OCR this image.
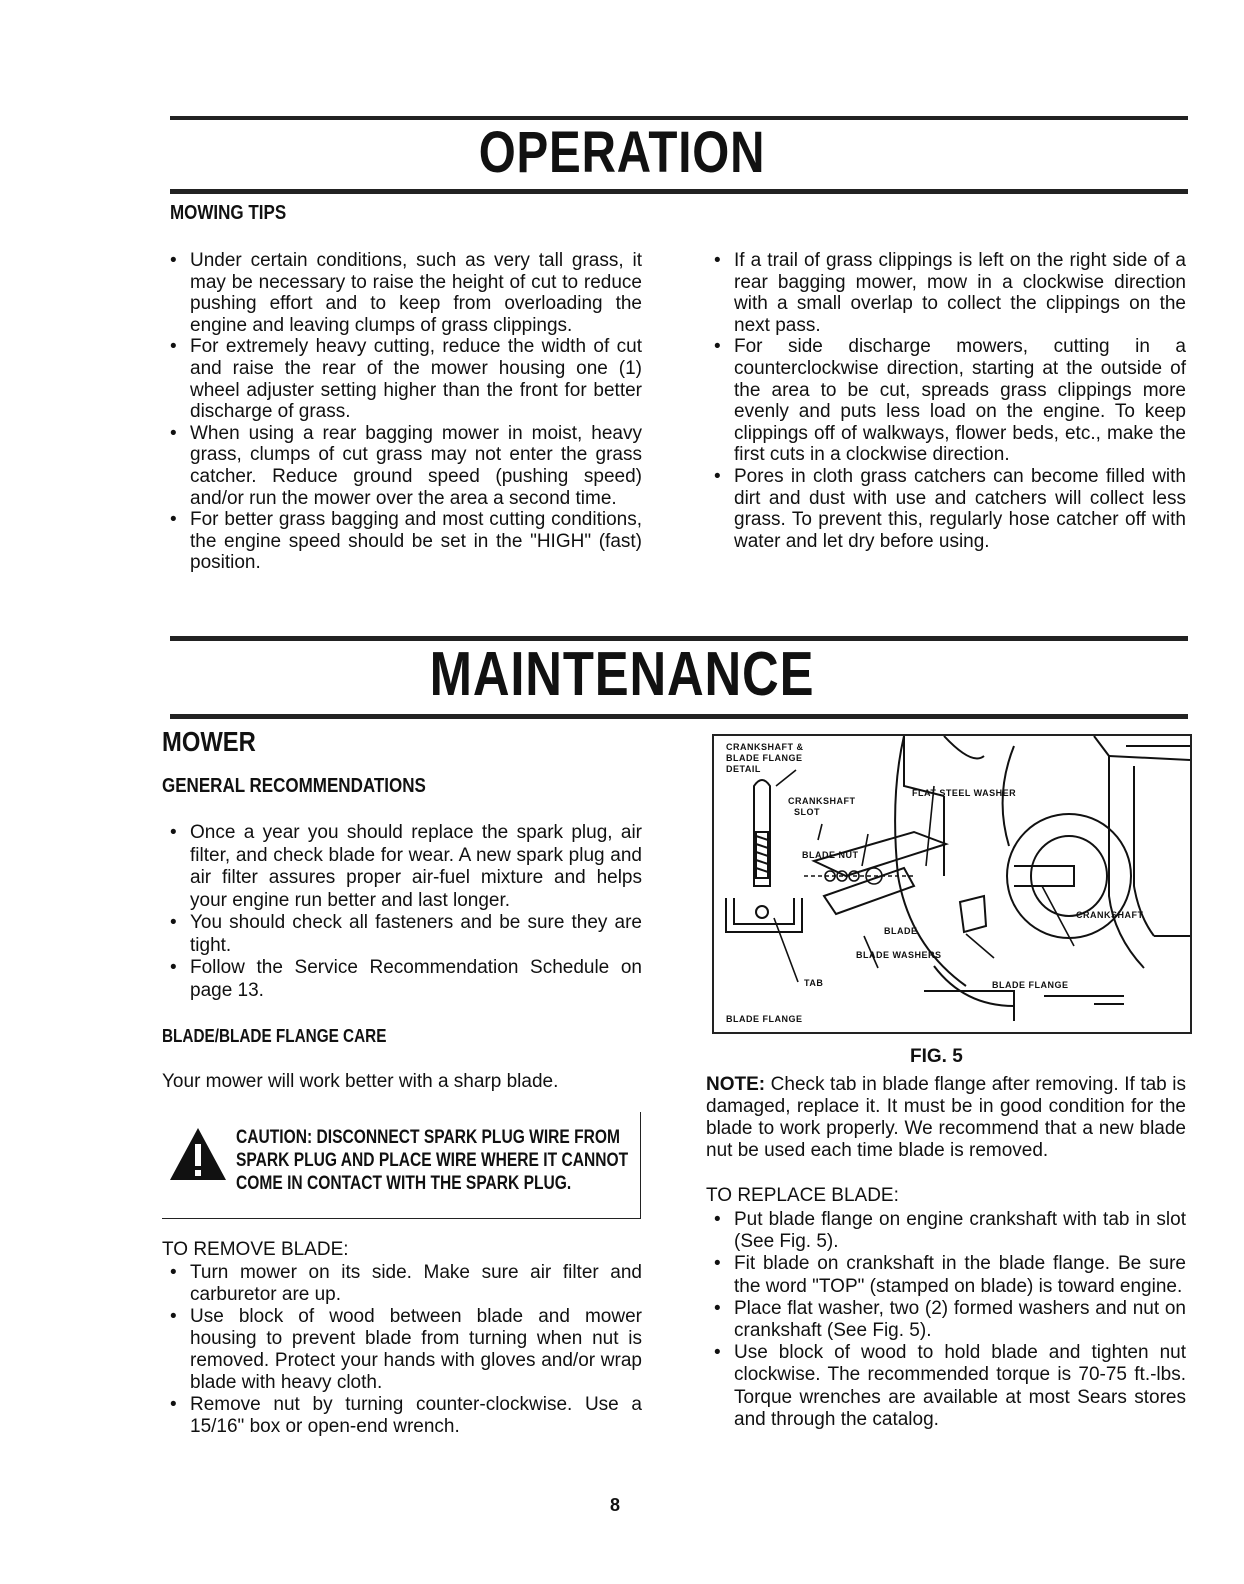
OPERATION
MOWING TIPS
• Under certain conditions, such as very tall grass, it may be necessary to raise the height of cut to reduce pushing effort and to keep from overloading the engine and leaving clumps of grass clippings.
• For extremely heavy cutting, reduce the width of cut and raise the rear of the mower housing one (1) wheel adjuster setting higher than the front for better discharge of grass.
• When using a rear bagging mower in moist, heavy grass, clumps of cut grass may not enter the grass catcher. Reduce ground speed (pushing speed) and/or run the mower over the area a second time.
• For better grass bagging and most cutting conditions, the engine speed should be set in the "HIGH" (fast) position.
• If a trail of grass clippings is left on the right side of a rear bagging mower, mow in a clockwise direction with a small overlap to collect the clippings on the next pass.
• For side discharge mowers, cutting in a counterclockwise direction, starting at the outside of the area to be cut, spreads grass clippings more evenly and puts less load on the engine. To keep clippings off of walkways, flower beds, etc., make the first cuts in a clockwise direction.
• Pores in cloth grass catchers can become filled with dirt and dust with use and catchers will collect less grass. To prevent this, regularly hose catcher off with water and let dry before using.
MAINTENANCE
MOWER
GENERAL RECOMMENDATIONS
• Once a year you should replace the spark plug, air filter, and check blade for wear. A new spark plug and air filter assures proper air-fuel mixture and helps your engine run better and last longer.
• You should check all fasteners and be sure they are tight.
• Follow the Service Recommendation Schedule on page 13.
BLADE/BLADE FLANGE CARE
Your mower will work better with a sharp blade.
CAUTION: DISCONNECT SPARK PLUG WIRE FROM
SPARK PLUG AND PLACE WIRE WHERE IT CANNOT
COME IN CONTACT WITH THE SPARK PLUG.
TO REMOVE BLADE:
• Turn mower on its side. Make sure air filter and carburetor are up.
• Use block of wood between blade and mower housing to prevent blade from turning when nut is removed. Protect your hands with gloves and/or wrap blade with heavy cloth.
• Remove nut by turning counter-clockwise. Use a 15/16" box or open-end wrench.
CRANKSHAFT &
BLADE FLANGE
DETAIL
CRANKSHAFT
SLOT
FLAT STEEL WASHER
BLADE NUT
CRANKSHAFT
BLADE
BLADE WASHERS
TAB	BLADE FLANGE
BLADE FLANGE
FIG. 5
NOTE: Check tab in blade flange after removing. If tab is damaged, replace it. It must be in good condition for the blade to work properly. We recommend that a new blade nut be used each time blade is removed.
TO REPLACE BLADE:
• Put blade flange on engine crankshaft with tab in slot (See Fig. 5).
• Fit blade on crankshaft in the blade flange. Be sure the word "TOP" (stamped on blade) is toward engine.
• Place flat washer, two (2) formed washers and nut on crankshaft (See Fig. 5).
• Use block of wood to hold blade and tighten nut clockwise. The recommended torque is 70-75 ft.-lbs. Torque wrenches are available at most Sears stores and through the catalog.
8
